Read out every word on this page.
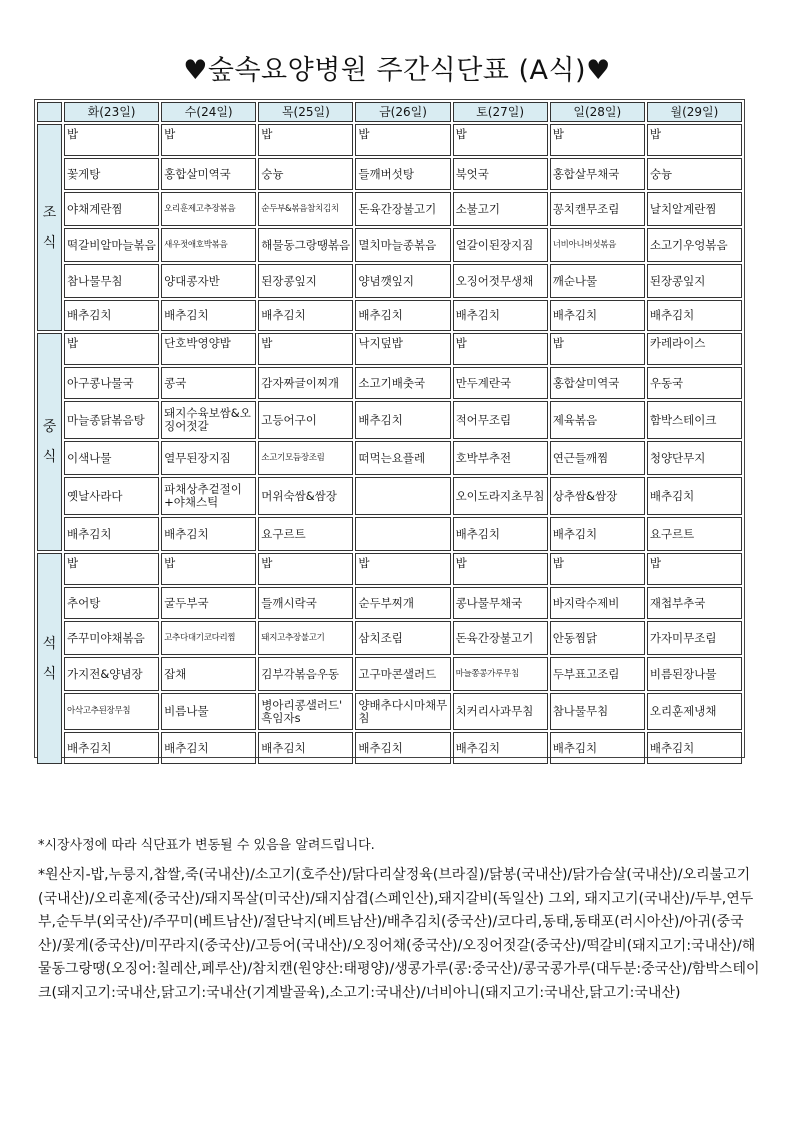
♥숲속요양병원 주간식단표 (A식)♥
	화(23일)	수(24일)	목(25일)	금(26일)	토(27일)	일(28일)	월(29일)

조
식	밥	밥	밥	밥	밥	밥	밥
	꽃게탕	홍합살미역국	숭늉	들깨버섯탕	북엇국	홍합살무채국	숭늉
	야채계란찜	오리훈제고추장볶음	순두부&볶음참치김치	돈육간장불고기	소불고기	꽁치캔무조림	날치알계란찜
	떡갈비알마늘볶음	새우젓애호박볶음	해물동그랑땡볶음	멸치마늘종볶음	얼갈이된장지짐	너비아니버섯볶음	소고기우엉볶음
	참나물무침	양대콩자반	된장콩잎지	양념깻잎지	오징어젓무생채	깨순나물	된장콩잎지
	배추김치	배추김치	배추김치	배추김치	배추김치	배추김치	배추김치

중
식	밥	단호박영양밥	밥	낙지덮밥	밥	밥	카레라이스
	아구콩나물국	콩국	감자짜글이찌개	소고기배춧국	만두계란국	홍합살미역국	우동국
	마늘종닭볶음탕	돼지수육보쌈&오징어젓갈	고등어구이	배추김치	적어무조림	제육볶음	함박스테이크
	이색나물	열무된장지짐	소고기모듬장조림	떠먹는요플레	호박부추전	연근들깨찜	청양단무지
	옛날사라다	파채상추겉절이+야채스틱	머위숙쌈&쌈장		오이도라지초무침	상추쌈&쌈장	배추김치
	배추김치	배추김치	요구르트		배추김치	배추김치	요구르트

석
식	밥	밥	밥	밥	밥	밥	밥
	추어탕	굴두부국	들깨시락국	순두부찌개	콩나물무채국	바지락수제비	재첩부추국
	주꾸미야채볶음	고추다대기코다리찜	돼지고추장불고기	삼치조림	돈육간장불고기	안동찜닭	가자미무조림
	가지전&양념장	잡채	김부각볶음우동	고구마콘샐러드	마늘쫑콩가루무침	두부표고조림	비름된장나물
	아삭고추된장무침	비름나물	병아리콩샐러드' 흑임자s	양배추다시마채무침	치커리사과무침	참나물무침	오리훈제냉채
	배추김치	배추김치	배추김치	배추김치	배추김치	배추김치	배추김치
*시장사정에 따라 식단표가 변동될 수 있음을 알려드립니다.
*원산지-밥,누룽지,찹쌀,죽(국내산)/소고기(호주산)/닭다리살정육(브라질)/닭봉(국내산)/닭가슴살(국내산)/오리불고기(국내산)/오리훈제(중국산)/돼지목살(미국산)/돼지삼겹(스페인산),돼지갈비(독일산) 그외, 돼지고기(국내산)/두부,연두부,순두부(외국산)/주꾸미(베트남산)/절단낙지(베트남산)/배추김치(중국산)/코다리,동태,동태포(러시아산)/아귀(중국산)/꽃게(중국산)/미꾸라지(중국산)/고등어(국내산)/오징어채(중국산)/오징어젓갈(중국산)/떡갈비(돼지고기:국내산)/해물동그랑땡(오징어:칠레산,페루산)/참치캔(원양산:태평양)/생콩가루(콩:중국산)/콩국콩가루(대두분:중국산)/함박스테이크(돼지고기:국내산,닭고기:국내산(기계발골육),소고기:국내산)/너비아니(돼지고기:국내산,닭고기:국내산)
